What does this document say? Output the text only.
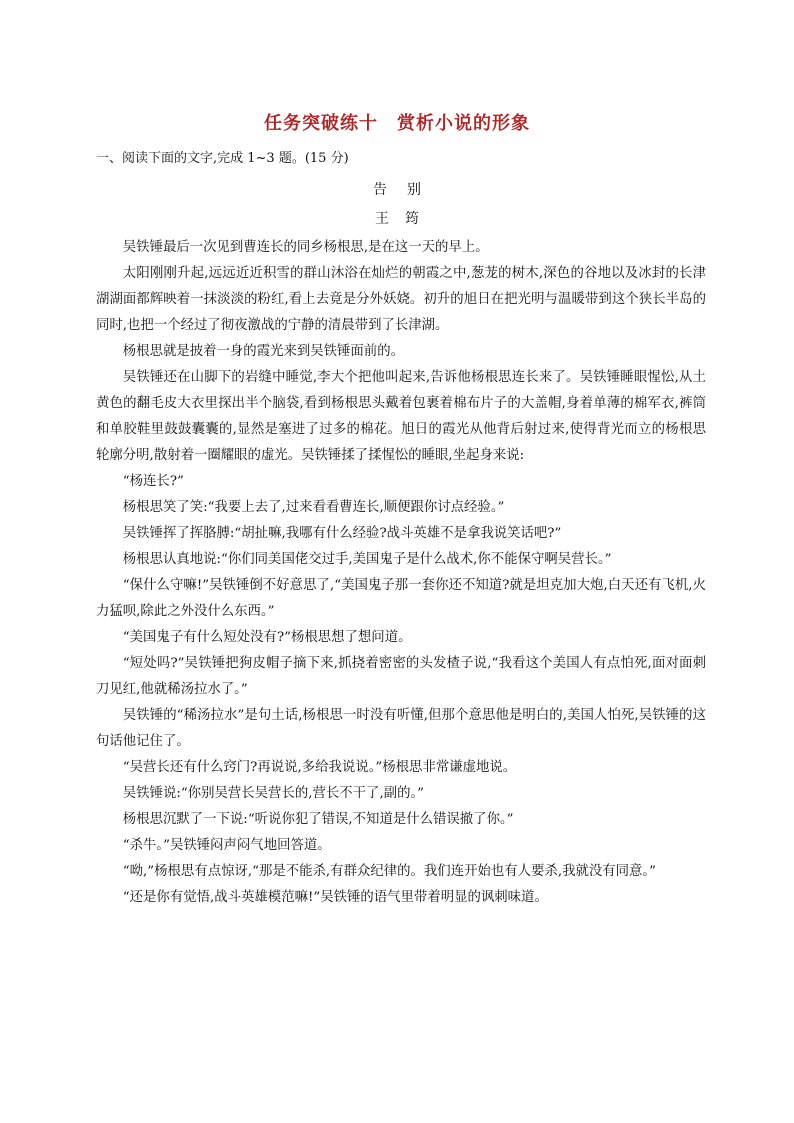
任务突破练十　赏析小说的形象
一、阅读下面的文字,完成 1~3 题。(15 分)
告别
王筠

吴铁锤最后一次见到曹连长的同乡杨根思,是在这一天的早上。

太阳刚刚升起,远远近近积雪的群山沐浴在灿烂的朝霞之中,葱茏的树木,深色的谷地以及冰封的长津湖湖面都辉映着一抹淡淡的粉红,看上去竟是分外妖娆。初升的旭日在把光明与温暖带到这个狭长半岛的同时,也把一个经过了彻夜激战的宁静的清晨带到了长津湖。

杨根思就是披着一身的霞光来到吴铁锤面前的。

吴铁锤还在山脚下的岩缝中睡觉,李大个把他叫起来,告诉他杨根思连长来了。吴铁锤睡眼惺忪,从土黄色的翻毛皮大衣里探出半个脑袋,看到杨根思头戴着包裹着棉布片子的大盖帽,身着单薄的棉军衣,裤筒和单胶鞋里鼓鼓囊囊的,显然是塞进了过多的棉花。旭日的霞光从他背后射过来,使得背光而立的杨根思轮廓分明,散射着一圈耀眼的虚光。吴铁锤揉了揉惺忪的睡眼,坐起身来说:

“杨连长?”

杨根思笑了笑:“我要上去了,过来看看曹连长,顺便跟你讨点经验。”

吴铁锤挥了挥胳膊:“胡扯嘛,我哪有什么经验?战斗英雄不是拿我说笑话吧?”

杨根思认真地说:“你们同美国佬交过手,美国鬼子是什么战术,你不能保守啊吴营长。”

“保什么守嘛!”吴铁锤倒不好意思了,“美国鬼子那一套你还不知道?就是坦克加大炮,白天还有飞机,火力猛呗,除此之外没什么东西。”

“美国鬼子有什么短处没有?”杨根思想了想问道。

“短处吗?”吴铁锤把狗皮帽子摘下来,抓挠着密密的头发楂子说,“我看这个美国人有点怕死,面对面刺刀见红,他就稀汤拉水了。”

吴铁锤的“稀汤拉水”是句土话,杨根思一时没有听懂,但那个意思他是明白的,美国人怕死,吴铁锤的这句话他记住了。

“吴营长还有什么窍门?再说说,多给我说说。”杨根思非常谦虚地说。

吴铁锤说:“你别吴营长吴营长的,营长不干了,副的。”

杨根思沉默了一下说:“听说你犯了错误,不知道是什么错误撤了你。”

“杀牛。”吴铁锤闷声闷气地回答道。

“呦,”杨根思有点惊讶,“那是不能杀,有群众纪律的。我们连开始也有人要杀,我就没有同意。”

“还是你有觉悟,战斗英雄模范嘛!”吴铁锤的语气里带着明显的讽刺味道。
